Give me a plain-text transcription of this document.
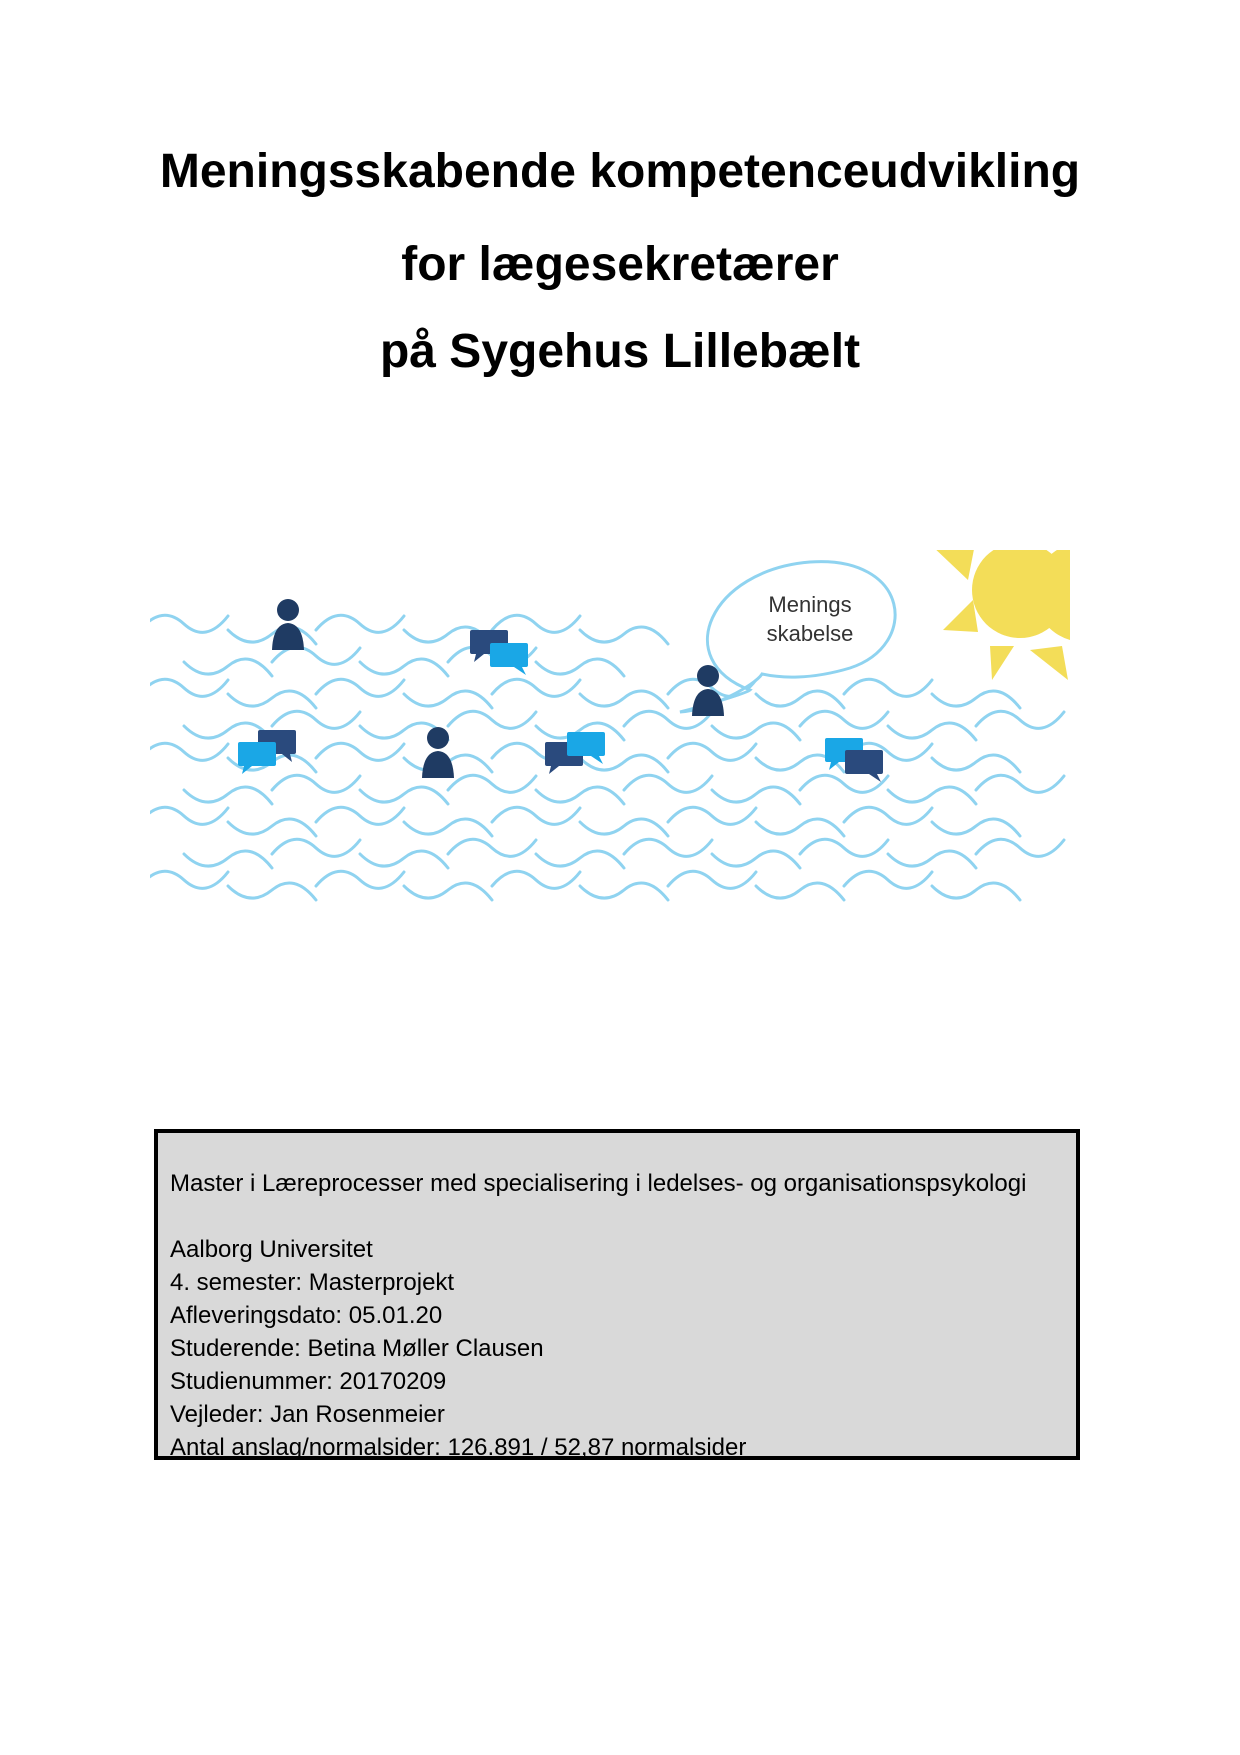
Meningsskabende kompetenceudvikling
for lægesekretærer
på Sygehus Lillebælt
Menings
skabelse
Master i Læreprocesser med specialisering i ledelses- og organisationspsykologi
Aalborg Universitet
4. semester: Masterprojekt
Afleveringsdato: 05.01.20
Studerende: Betina Møller Clausen
Studienummer: 20170209
Vejleder: Jan Rosenmeier
Antal anslag/normalsider: 126.891 / 52,87 normalsider
